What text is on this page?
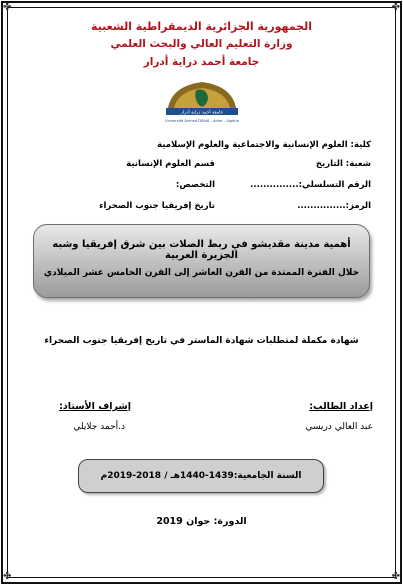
✤	✤
✤	✤
الجمهورية الجزائرية الديمقراطية الشعبية
وزارة التعليم العالي والبحث العلمي
جامعة أحمد دراية أدرار
جامعة أحمد دراية أدرار
Université Ahmed DRAIA - Adrar - Algérie
كلية: العلوم الإنسانية والاجتماعية والعلوم الإسلامية
شعبة: التاريخ
قسم العلوم الإنسانية
الرقم التسلسلي:...............
التخصص:
الرمز:...............
تاريخ إفريقيا جنوب الصحراء
أهمية مدينة مقديشو في ربط الصلات بين شرق إفريقيا وشبه الجزيرة العربية
خلال الفترة الممتدة من القرن العاشر إلى القرن الخامس عشر الميلادي
شهادة مكملة لمتطلبات شهادة الماستر في تاريخ إفريقيا جنوب الصحراء
إعداد الطالب:
عبد العالي دريسي
إشراف الأستاذ:
د.أحمد جلايلي
السنة الجامعية:1439-1440هـ / 2018-2019م
الدورة: جوان 2019
